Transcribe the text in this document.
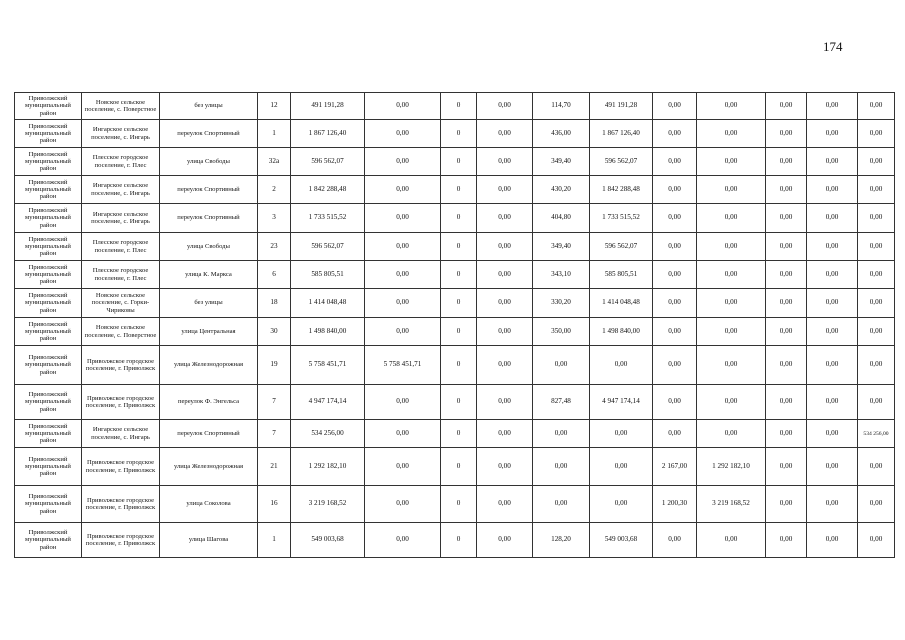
174
Приволжский муниципальный район	Новское сельское поселение, с. Поверстное	без улицы	12	491 191,28	0,00	0	0,00	114,70	491 191,28	0,00	0,00	0,00	0,00	0,00
Приволжский муниципальный район	Ингарское сельское поселение, с. Ингарь	переулок Спортивный	1	1 867 126,40	0,00	0	0,00	436,00	1 867 126,40	0,00	0,00	0,00	0,00	0,00
Приволжский муниципальный район	Плесское городское поселение, г. Плес	улица Свободы	32а	596 562,07	0,00	0	0,00	349,40	596 562,07	0,00	0,00	0,00	0,00	0,00
Приволжский муниципальный район	Ингарское сельское поселение, с. Ингарь	переулок Спортивный	2	1 842 288,48	0,00	0	0,00	430,20	1 842 288,48	0,00	0,00	0,00	0,00	0,00
Приволжский муниципальный район	Ингарское сельское поселение, с. Ингарь	переулок Спортивный	3	1 733 515,52	0,00	0	0,00	404,80	1 733 515,52	0,00	0,00	0,00	0,00	0,00
Приволжский муниципальный район	Плесское городское поселение, г. Плес	улица Свободы	23	596 562,07	0,00	0	0,00	349,40	596 562,07	0,00	0,00	0,00	0,00	0,00
Приволжский муниципальный район	Плесское городское поселение, г. Плес	улица К. Маркса	6	585 805,51	0,00	0	0,00	343,10	585 805,51	0,00	0,00	0,00	0,00	0,00
Приволжский муниципальный район	Новское сельское поселение, с. Горки-Чириковы	без улицы	18	1 414 048,48	0,00	0	0,00	330,20	1 414 048,48	0,00	0,00	0,00	0,00	0,00
Приволжский муниципальный район	Новское сельское поселение, с. Поверстное	улица Центральная	30	1 498 840,00	0,00	0	0,00	350,00	1 498 840,00	0,00	0,00	0,00	0,00	0,00
Приволжский муниципальный район	Приволжское городское поселение, г. Приволжск	улица Железнодорожная	19	5 758 451,71	5 758 451,71	0	0,00	0,00	0,00	0,00	0,00	0,00	0,00	0,00
Приволжский муниципальный район	Приволжское городское поселение, г. Приволжск	переулок Ф. Энгельса	7	4 947 174,14	0,00	0	0,00	827,48	4 947 174,14	0,00	0,00	0,00	0,00	0,00
Приволжский муниципальный район	Ингарское сельское поселение, с. Ингарь	переулок Спортивный	7	534 256,00	0,00	0	0,00	0,00	0,00	0,00	0,00	0,00	0,00	534 256,00
Приволжский муниципальный район	Приволжское городское поселение, г. Приволжск	улица Железнодорожная	21	1 292 182,10	0,00	0	0,00	0,00	0,00	2 167,00	1 292 182,10	0,00	0,00	0,00
Приволжский муниципальный район	Приволжское городское поселение, г. Приволжск	улица Соколова	16	3 219 168,52	0,00	0	0,00	0,00	0,00	1 200,30	3 219 168,52	0,00	0,00	0,00
Приволжский муниципальный район	Приволжское городское поселение, г. Приволжск	улица Шагова	1	549 003,68	0,00	0	0,00	128,20	549 003,68	0,00	0,00	0,00	0,00	0,00
